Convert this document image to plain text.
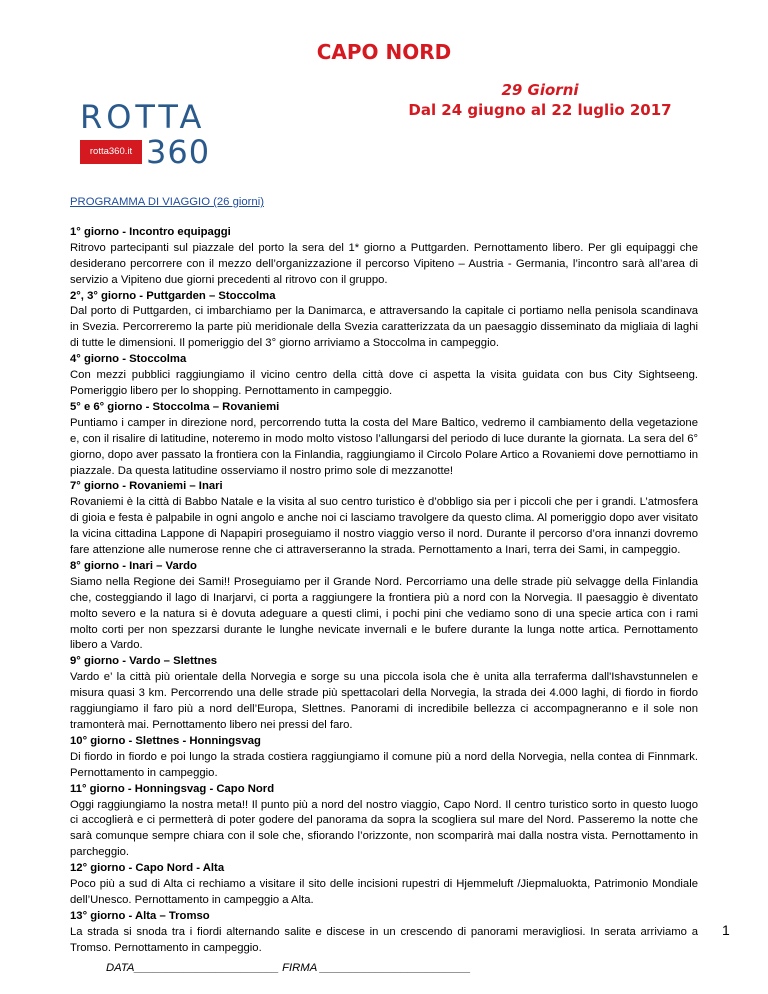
CAPO NORD
29 Giorni
Dal 24 giugno al 22 luglio 2017
ROTTA
rotta360.it 360
PROGRAMMA DI VIAGGIO (26 giorni)
1° giorno - Incontro equipaggi
Ritrovo partecipanti sul piazzale del porto la sera del 1* giorno a Puttgarden. Pernottamento libero. Per gli equipaggi che desiderano percorrere con il mezzo dell’organizzazione il percorso Vipiteno – Austria - Germania, l’incontro sarà all’area di servizio a Vipiteno due giorni precedenti al ritrovo con il gruppo.
2°, 3° giorno - Puttgarden – Stoccolma
Dal porto di Puttgarden, ci imbarchiamo per la Danimarca, e attraversando la capitale ci portiamo nella penisola scandinava in Svezia. Percorreremo la parte più meridionale della Svezia caratterizzata da un paesaggio disseminato da migliaia di laghi di tutte le dimensioni. Il pomeriggio del 3° giorno arriviamo a Stoccolma in campeggio.
4° giorno - Stoccolma
Con mezzi pubblici raggiungiamo il vicino centro della città dove ci aspetta la visita guidata con bus City Sightseeng. Pomeriggio libero per lo shopping. Pernottamento in campeggio.
5° e 6° giorno - Stoccolma – Rovaniemi
Puntiamo i camper in direzione nord, percorrendo tutta la costa del Mare Baltico, vedremo il cambiamento della vegetazione e, con il risalire di latitudine, noteremo in modo molto vistoso l’allungarsi del periodo di luce durante la giornata. La sera del 6° giorno, dopo aver passato la frontiera con la Finlandia, raggiungiamo il Circolo Polare Artico a Rovaniemi dove pernottiamo in piazzale. Da questa latitudine osserviamo il nostro primo sole di mezzanotte!
7° giorno - Rovaniemi – Inari
Rovaniemi è la città di Babbo Natale e la visita al suo centro turistico è d’obbligo sia per i piccoli che per i grandi. L’atmosfera di gioia e festa è palpabile in ogni angolo e anche noi ci lasciamo travolgere da questo clima. Al pomeriggio dopo aver visitato la vicina cittadina Lappone di Napapiri proseguiamo il nostro viaggio verso il nord. Durante il percorso d’ora innanzi dovremo fare attenzione alle numerose renne che ci attraverseranno la strada. Pernottamento a Inari, terra dei Sami, in campeggio.
8° giorno - Inari – Vardo
Siamo nella Regione dei Sami!! Proseguiamo per il Grande Nord. Percorriamo una delle strade più selvagge della Finlandia che, costeggiando il lago di Inarjarvi, ci porta a raggiungere la frontiera più a nord con la Norvegia. Il paesaggio è diventato molto severo e la natura si è dovuta adeguare a questi climi, i pochi pini che vediamo sono di una specie artica con i rami molto corti per non spezzarsi durante le lunghe nevicate invernali e le bufere durante la lunga notte artica. Pernottamento libero a Vardo.
9° giorno - Vardo – Slettnes
Vardo e’ la città più orientale della Norvegia e sorge su una piccola isola che è unita alla terraferma dall'Ishavstunnelen e misura quasi 3 km. Percorrendo una delle strade più spettacolari della Norvegia, la strada dei 4.000 laghi, di fiordo in fiordo raggiungiamo il faro più a nord dell’Europa, Slettnes. Panorami di incredibile bellezza ci accompagneranno e il sole non tramonterà mai. Pernottamento libero nei pressi del faro.
10° giorno - Slettnes - Honningsvag
Di fiordo in fiordo e poi lungo la strada costiera raggiungiamo il comune più a nord della Norvegia, nella contea di Finnmark. Pernottamento in campeggio.
11° giorno - Honningsvag - Capo Nord
Oggi raggiungiamo la nostra meta!! Il punto più a nord del nostro viaggio, Capo Nord. Il centro turistico sorto in questo luogo ci accoglierà e ci permetterà di poter godere del panorama da sopra la scogliera sul mare del Nord. Passeremo la notte che sarà comunque sempre chiara con il sole che, sfiorando l’orizzonte, non scomparirà mai dalla nostra vista. Pernottamento in parcheggio.
12° giorno - Capo Nord - Alta
Poco più a sud di Alta ci rechiamo a visitare il sito delle incisioni rupestri di Hjemmeluft /Jiepmaluokta, Patrimonio Mondiale dell’Unesco. Pernottamento in campeggio a Alta.
13° giorno - Alta – Tromso
La strada si snoda tra i fiordi alternando salite e discese in un crescendo di panorami meravigliosi. In serata arriviamo a Tromso. Pernottamento in campeggio.
1
DATA_______________________ FIRMA ________________________
